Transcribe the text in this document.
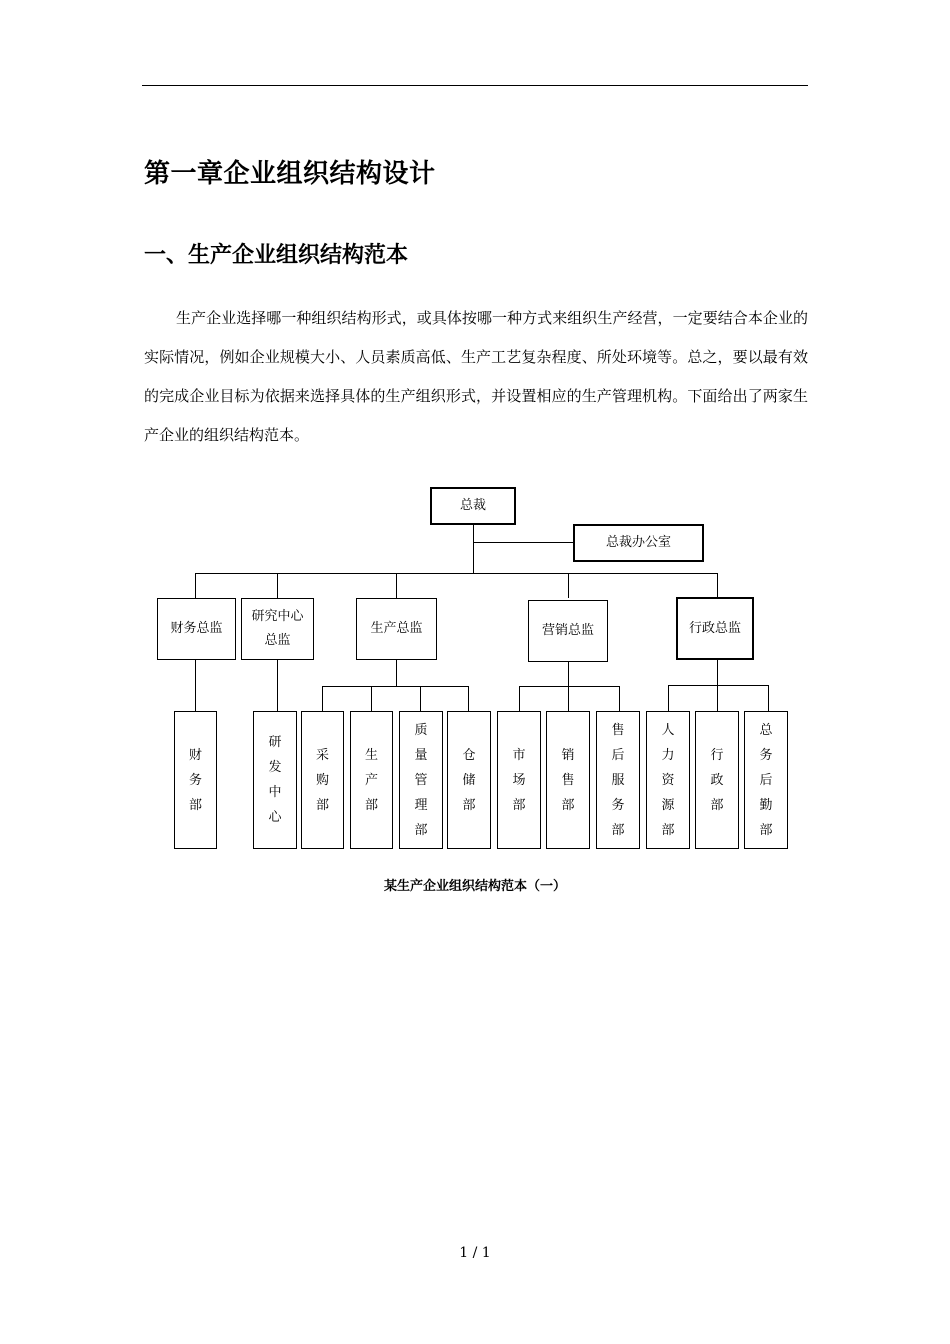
第一章企业组织结构设计
一、生产企业组织结构范本

生产企业选择哪一种组织结构形式，或具体按哪一种方式来组织生产经营，一定要结合本企业的实际情况，例如企业规模大小、人员素质高低、生产工艺复杂程度、所处环境等。总之，要以最有效的完成企业目标为依据来选择具体的生产组织形式，并设置相应的生产管理机构。下面给出了两家生产企业的组织结构范本。

总裁
总裁办公室
财务总监
研究中心总监
生产总监	营销总监	行政总监
财务部
研发中心
采购部
生产部
质量管理部
仓储部
市场部
销售部
售后服务部
人力资源部
行政部
总务后勤部
某生产企业组织结构范本（一）
1 / 1
